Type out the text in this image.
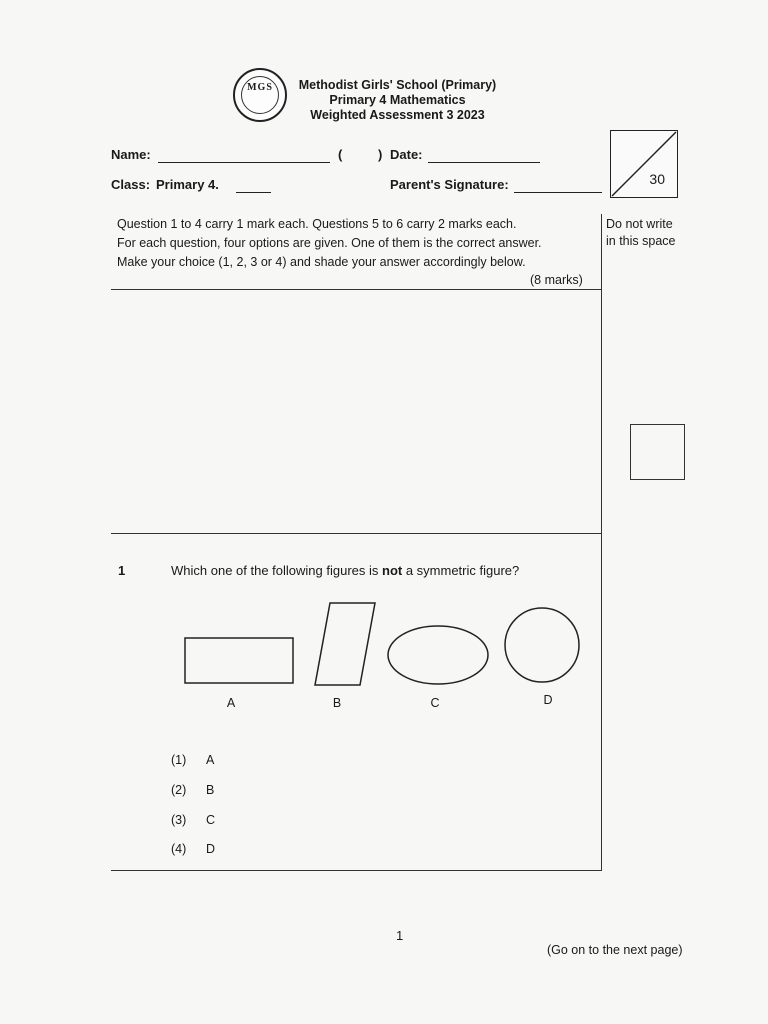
MGS	Methodist Girls' School (Primary)
Primary 4 Mathematics
Weighted Assessment 3 2023
Name:	(	) Date:
Class: Primary 4.	Parent's Signature:	30
Question 1 to 4 carry 1 mark each. Questions 5 to 6 carry 2 marks each.
For each question, four options are given. One of them is the correct answer.
Make your choice (1, 2, 3 or 4) and shade your answer accordingly below.
(8 marks)
Do not write
in this space
1	Which one of the following figures is not a symmetric figure?
A	B	C	D
(1) A
(2) B
(3) C
(4) D
1
(Go on to the next page)
